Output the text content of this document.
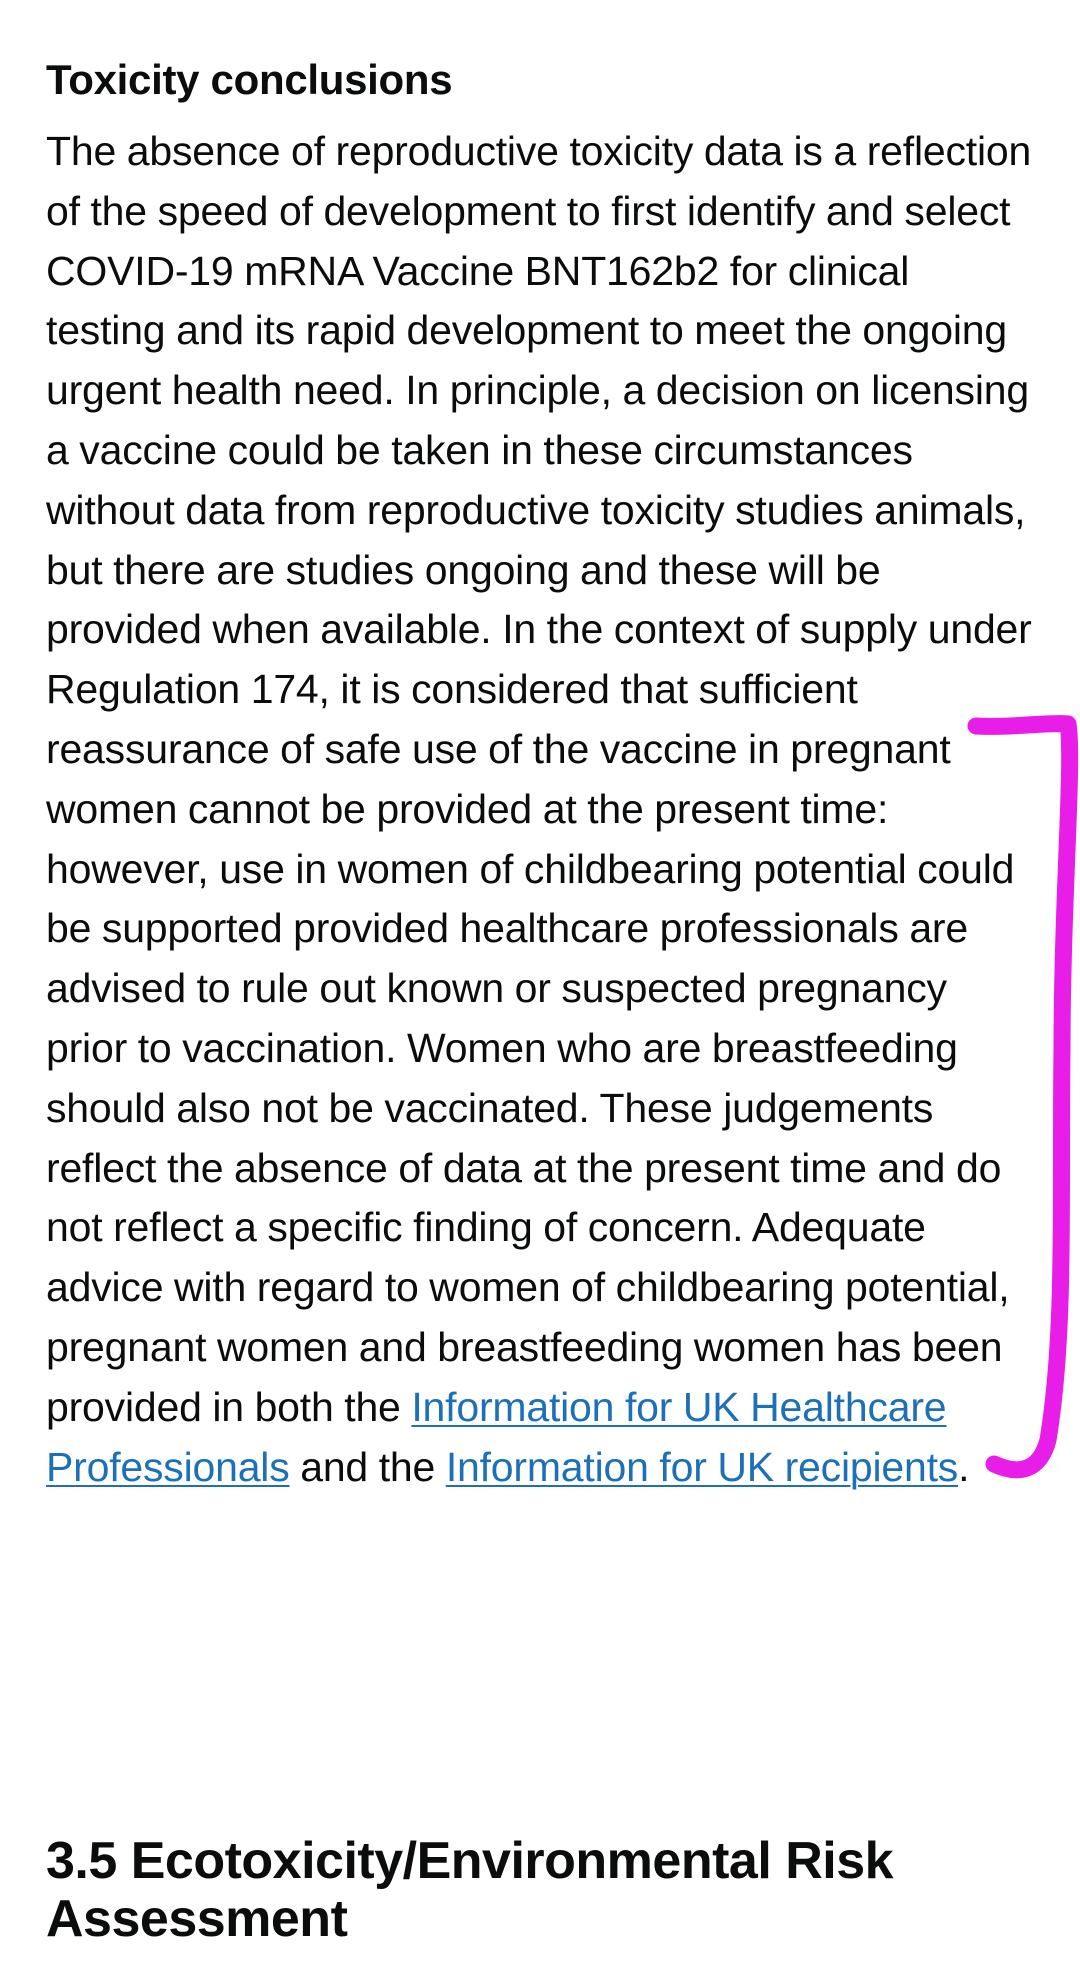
Toxicity conclusions

The absence of reproductive toxicity data is a reflection of the speed of development to first identify and select COVID-19 mRNA Vaccine BNT162b2 for clinical testing and its rapid development to meet the ongoing urgent health need. In principle, a decision on licensing a vaccine could be taken in these circumstances without data from reproductive toxicity studies animals, but there are studies ongoing and these will be provided when available. In the context of supply under Regulation 174, it is considered that sufficient reassurance of safe use of the vaccine in pregnant women cannot be provided at the present time: however, use in women of childbearing potential could be supported provided healthcare professionals are advised to rule out known or suspected pregnancy prior to vaccination. Women who are breastfeeding should also not be vaccinated. These judgements reflect the absence of data at the present time and do not reflect a specific finding of concern. Adequate advice with regard to women of childbearing potential, pregnant women and breastfeeding women has been provided in both the Information for UK Healthcare Professionals and the Information for UK recipients.

3.5 Ecotoxicity/Environmental Risk Assessment
